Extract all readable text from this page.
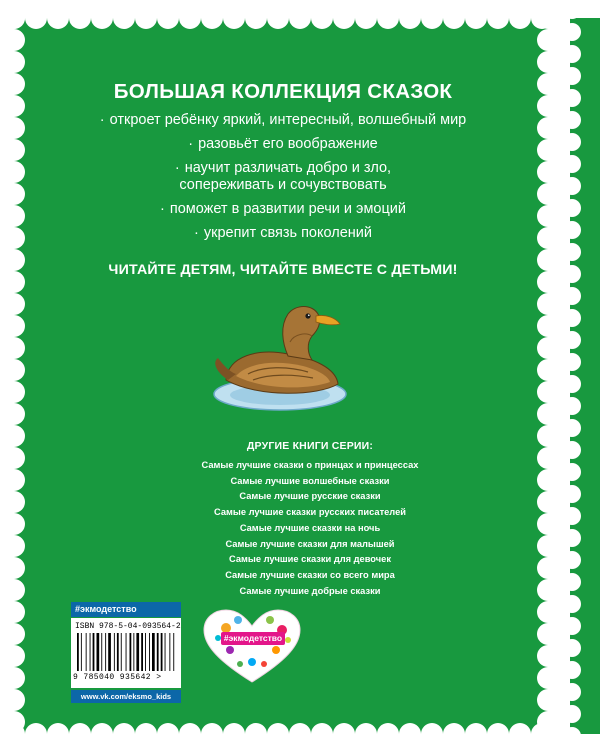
БОЛЬШАЯ КОЛЛЕКЦИЯ СКАЗОК
· откроет ребёнку яркий, интересный, волшебный мир
· разовьёт его воображение
· научит различать добро и зло,
сопереживать и сочувствовать
· поможет в развитии речи и эмоций
· укрепит связь поколений
ЧИТАЙТЕ ДЕТЯМ, ЧИТАЙТЕ ВМЕСТЕ С ДЕТЬМИ!
ДРУГИЕ КНИГИ СЕРИИ:
Самые лучшие сказки о принцах и принцессах
Самые лучшие волшебные сказки
Самые лучшие русские сказки
Самые лучшие сказки русских писателей
Самые лучшие сказки на ночь
Самые лучшие сказки для малышей
Самые лучшие сказки для девочек
Самые лучшие сказки со всего мира
Самые лучшие добрые сказки
#экмодетство
ISBN 978-5-04-093564-2
9 785040 935642 >
www.vk.com/eksmo_kids
#экмодетство
